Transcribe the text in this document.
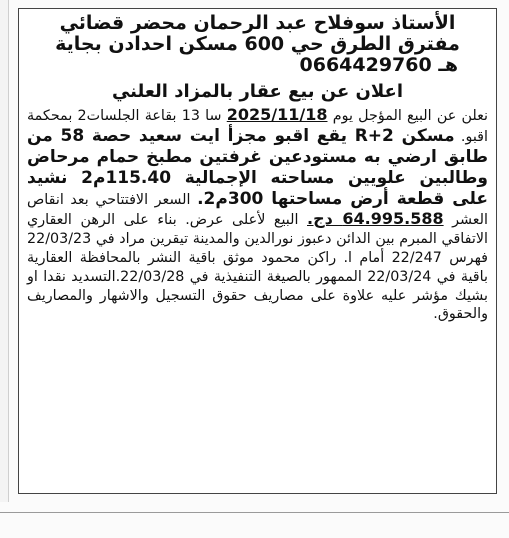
الأستاذ سوفلاح عبد الرحمان محضر قضائي

مفترق الطرق حي 600 مسكن احدادن بجاية

هـ 0664429760

اعلان عن بيع عقار بالمزاد العلني

نعلن عن البيع المؤجل يوم 2025/11/18 سا 13 بقاعة الجلسات2 بمحكمة اقبو. مسكن R+2 يقع اقبو مجزأ ايت سعيد حصة 58 من طابق ارضي به مستودعين غرفتين مطبخ حمام مرحاض وطالبين علويين مساحته الإجمالية 115.40م2 نشيد على قطعة أرض مساحتها 300م2. السعر الافتتاحي بعد انقاص العشر 64.995.588 دج. البيع لأعلى عرض. بناء على الرهن العقاري الاتفاقي المبرم بين الدائن دعبوز نورالدين والمدينة تيقرين مراد في 22/03/23 فهرس 22/247 أمام ا. راكن محمود موثق باقية النشر بالمحافظة العقارية باقية في 22/03/24 الممهور بالصيغة التنفيذية في 22/03/28.التسديد نقدا او بشيك مؤشر عليه علاوة على مصاريف حقوق التسجيل والاشهار والمصاريف والحقوق.
